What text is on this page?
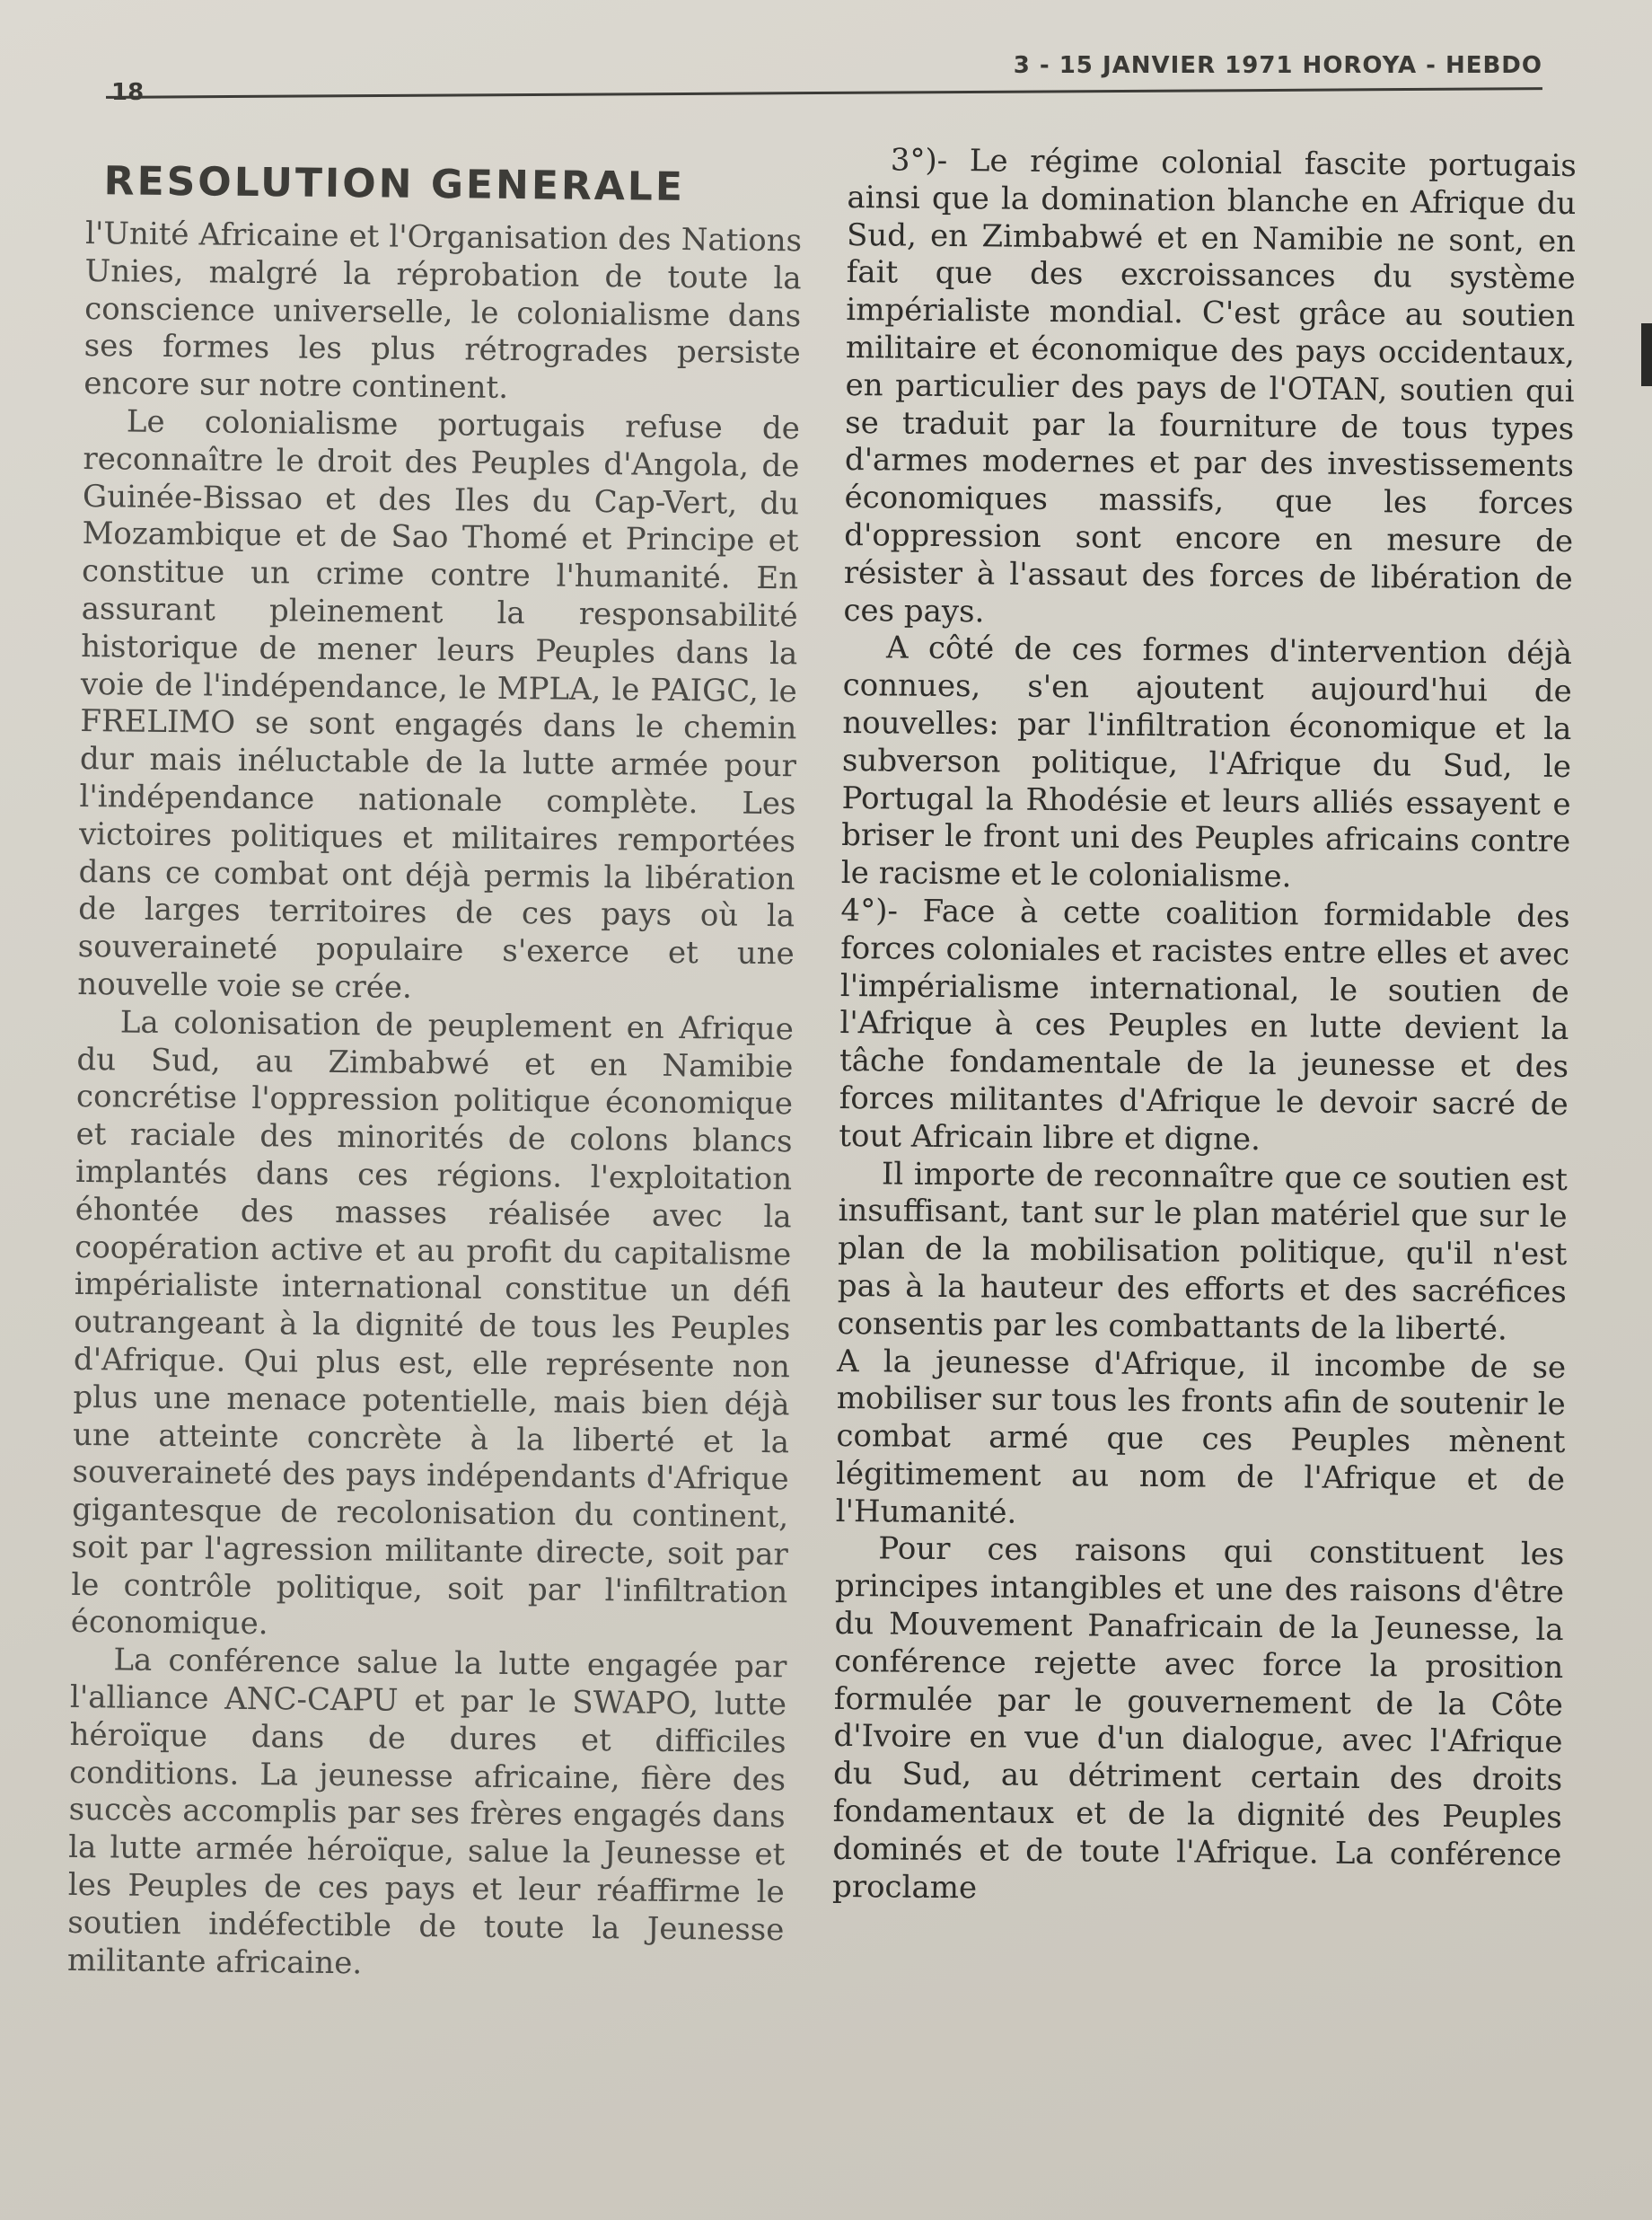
18
3 - 15 JANVIER 1971 HOROYA - HEBDO
RESOLUTION GENERALE

l'Unité Africaine et l'Organisation des Nations Unies, malgré la réprobation de toute la conscience universelle, le colonialisme dans ses formes les plus rétrogrades persiste encore sur notre continent.

Le colonialisme portugais refuse de reconnaître le droit des Peuples d'Angola, de Guinée-Bissao et des Iles du Cap-Vert, du Mozambique et de Sao Thomé et Principe et constitue un crime contre l'humanité. En assurant pleinement la responsabilité historique de mener leurs Peuples dans la voie de l'indépendance, le MPLA, le PAIGC, le FRELIMO se sont engagés dans le chemin dur mais inéluctable de la lutte armée pour l'indépendance nationale complète. Les victoires politiques et militaires remportées dans ce combat ont déjà permis la libération de larges territoires de ces pays où la souveraineté populaire s'exerce et une nouvelle voie se crée.

La colonisation de peuplement en Afrique du Sud, au Zimbabwé et en Namibie concrétise l'oppression politique économique et raciale des minorités de colons blancs implantés dans ces régions. l'exploitation éhontée des masses réalisée avec la coopération active et au profit du capitalisme impérialiste international constitue un défi outrangeant à la dignité de tous les Peuples d'Afrique. Qui plus est, elle représente non plus une menace potentielle, mais bien déjà une atteinte concrète à la liberté et la souveraineté des pays indépendants d'Afrique gigantesque de recolonisation du continent, soit par l'agression militante directe, soit par le contrôle politique, soit par l'infiltration économique.

La conférence salue la lutte engagée par l'alliance ANC-CAPU et par le SWAPO, lutte héroïque dans de dures et difficiles conditions. La jeunesse africaine, fière des succès accomplis par ses frères engagés dans la lutte armée héroïque, salue la Jeunesse et les Peuples de ces pays et leur réaffirme le soutien indéfectible de toute la Jeunesse militante africaine.

3°)- Le régime colonial fascite portugais ainsi que la domination blanche en Afrique du Sud, en Zimbabwé et en Namibie ne sont, en fait que des excroissances du système impérialiste mondial. C'est grâce au soutien militaire et économique des pays occidentaux, en particulier des pays de l'OTAN, soutien qui se traduit par la fourniture de tous types d'armes modernes et par des investissements économiques massifs, que les forces d'oppression sont encore en mesure de résister à l'assaut des forces de libération de ces pays.

A côté de ces formes d'intervention déjà connues, s'en ajoutent aujourd'hui de nouvelles: par l'infiltration économique et la subverson politique, l'Afrique du Sud, le Portugal la Rhodésie et leurs alliés essayent e briser le front uni des Peuples africains contre le racisme et le colonialisme.

4°)- Face à cette coalition formidable des forces coloniales et racistes entre elles et avec l'impérialisme international, le soutien de l'Afrique à ces Peuples en lutte devient la tâche fondamentale de la jeunesse et des forces militantes d'Afrique le devoir sacré de tout Africain libre et digne.

Il importe de reconnaître que ce soutien est insuffisant, tant sur le plan matériel que sur le plan de la mobilisation politique, qu'il n'est pas à la hauteur des efforts et des sacréfices consentis par les combattants de la liberté.

A la jeunesse d'Afrique, il incombe de se mobiliser sur tous les fronts afin de soutenir le combat armé que ces Peuples mènent légitimement au nom de l'Afrique et de l'Humanité.

Pour ces raisons qui constituent les principes intangibles et une des raisons d'être du Mouvement Panafricain de la Jeunesse, la conférence rejette avec force la prosition formulée par le gouvernement de la Côte d'Ivoire en vue d'un dialogue, avec l'Afrique du Sud, au détriment certain des droits fondamentaux et de la dignité des Peuples dominés et de toute l'Afrique. La conférence proclame
